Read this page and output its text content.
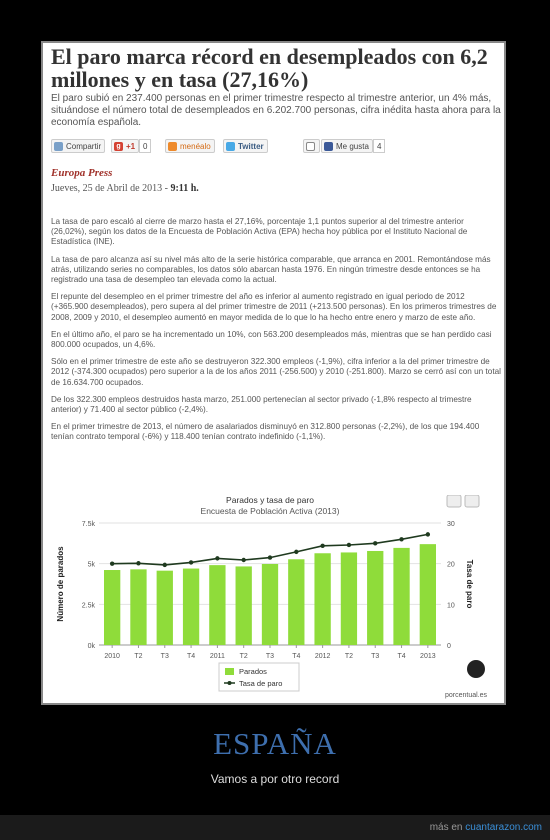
El paro marca récord en desempleados con 6,2 millones y en tasa (27,16%)

El paro subió en 237.400 personas en el primer trimestre respecto al trimestre anterior, un 4% más, situándose el número total de desempleados en 6.202.700 personas, cifra inédita hasta ahora para la economía española.

Compartir	g +1 0	menéalo	Twitter	Me gusta	4

Europa Press

Jueves, 25 de Abril de 2013 - 9:11 h.

La tasa de paro escaló al cierre de marzo hasta el 27,16%, porcentaje 1,1 puntos superior al del trimestre anterior (26,02%), según los datos de la Encuesta de Población Activa (EPA) hecha hoy pública por el Instituto Nacional de Estadística (INE).

La tasa de paro alcanza así su nivel más alto de la serie histórica comparable, que arranca en 2001. Remontándose más atrás, utilizando series no comparables, los datos sólo abarcan hasta 1976. En ningún trimestre desde entonces se ha registrado una tasa de desempleo tan elevada como la actual.

El repunte del desempleo en el primer trimestre del año es inferior al aumento registrado en igual periodo de 2012 (+365.900 desempleados), pero supera al del primer trimestre de 2011 (+213.500 personas). En los primeros trimestres de 2008, 2009 y 2010, el desempleo aumentó en mayor medida de lo que lo ha hecho entre enero y marzo de este año.

En el último año, el paro se ha incrementado un 10%, con 563.200 desempleados más, mientras que se han perdido casi 800.000 ocupados, un 4,6%.

Sólo en el primer trimestre de este año se destruyeron 322.300 empleos (-1,9%), cifra inferior a la del primer trimestre de 2012 (-374.300 ocupados) pero superior a la de los años 2011 (-256.500) y 2010 (-251.800). Marzo se cerró así con un total de 16.634.700 ocupados.

De los 322.300 empleos destruidos hasta marzo, 251.000 pertenecían al sector privado (-1,8% respecto al trimestre anterior) y 71.400 al sector público (-2,4%).

En el primer trimestre de 2013, el número de asalariados disminuyó en 312.800 personas (-2,2%), de los que 194.400 tenían contrato temporal (-6%) y 118.400 tenían contrato indefinido (-1,1%).

Parados y tasa de paro
Encuesta de Población Activa (2013)
0k
2.5k
5k
7.5k
0
10
20
30
Número de parados	Tasa de paro
2010 T2	T3	T4 2011 T2	T3	T4 2012 T2	T3	T4 2013
Parados
Tasa de paro
porcentual.es
ESPAÑA
Vamos a por otro record
más en cuantarazon.com
